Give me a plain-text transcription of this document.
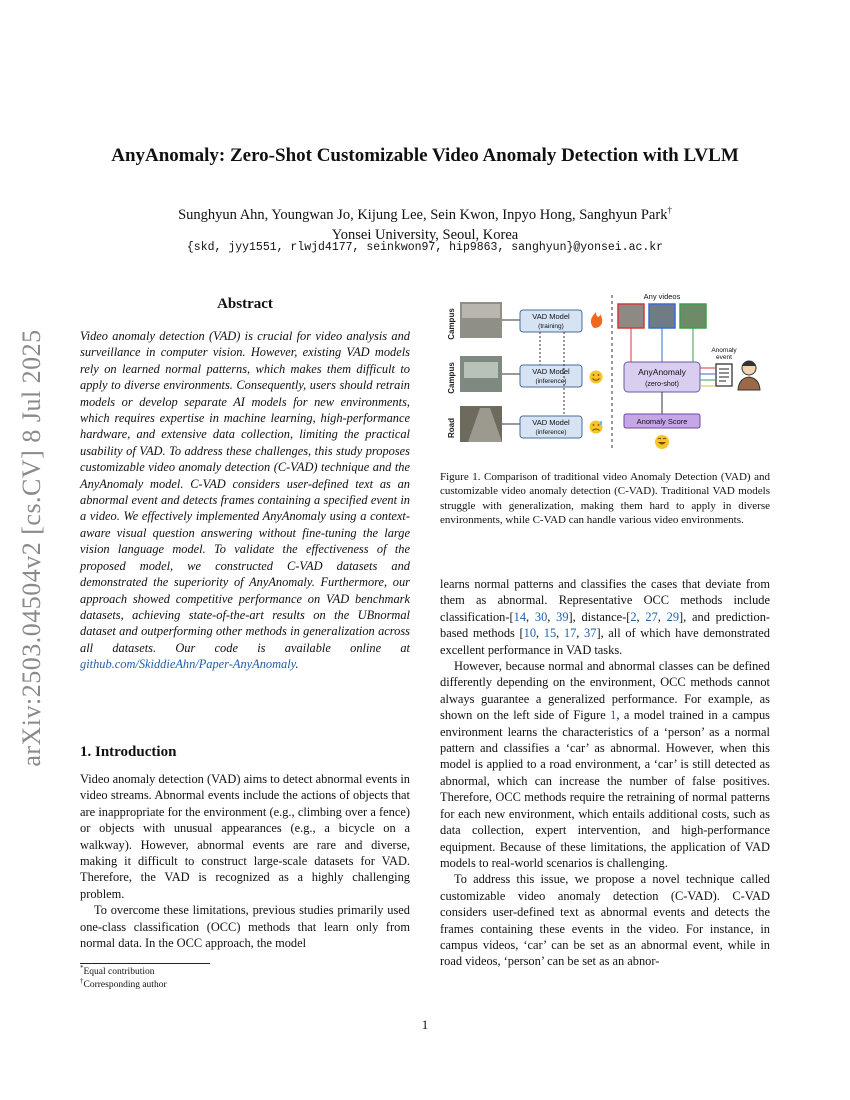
arXiv:2503.04504v2 [cs.CV] 8 Jul 2025
AnyAnomaly: Zero-Shot Customizable Video Anomaly Detection with LVLM
Sunghyun Ahn, Youngwan Jo, Kijung Lee, Sein Kwon, Inpyo Hong, Sanghyun Park†
Yonsei University, Seoul, Korea
{skd, jyy1551, rlwjd4177, seinkwon97, hip9863, sanghyun}@yonsei.ac.kr
Abstract
Video anomaly detection (VAD) is crucial for video analysis and surveillance in computer vision. However, existing VAD models rely on learned normal patterns, which makes them difficult to apply to diverse environments. Consequently, users should retrain models or develop separate AI models for new environments, which requires expertise in machine learning, high-performance hardware, and extensive data collection, limiting the practical usability of VAD. To address these challenges, this study proposes customizable video anomaly detection (C-VAD) technique and the AnyAnomaly model. C-VAD considers user-defined text as an abnormal event and detects frames containing a specified event in a video. We effectively implemented AnyAnomaly using a context-aware visual question answering without fine-tuning the large vision language model. To validate the effectiveness of the proposed model, we constructed C-VAD datasets and demonstrated the superiority of AnyAnomaly. Furthermore, our approach showed competitive performance on VAD benchmark datasets, achieving state-of-the-art results on the UBnormal dataset and outperforming other methods in generalization across all datasets. Our code is available online at github.com/SkiddieAhn/Paper-AnyAnomaly.
1. Introduction

Video anomaly detection (VAD) aims to detect abnormal events in video streams. Abnormal events include the actions of objects that are inappropriate for the environment (e.g., climbing over a fence) or objects with unusual appearances (e.g., a bicycle on a walkway). However, abnormal events are rare and diverse, making it difficult to construct large-scale datasets for VAD. Therefore, the VAD is recognized as a highly challenging problem.

To overcome these limitations, previous studies primarily used one-class classification (OCC) methods that learn only from normal data. In the OCC approach, the model

*Equal contribution
†Corresponding author
Campus
Campus
Road
VAD Model
(training)
VAD Model
(inference)
VAD Model
(inference)
Any videos
AnyAnomaly
(zero-shot)
Anomaly
event
Anomaly Score
Figure 1. Comparison of traditional video Anomaly Detection (VAD) and customizable video anomaly detection (C-VAD). Traditional VAD models struggle with generalization, making them hard to apply in diverse environments, while C-VAD can handle various video environments.

learns normal patterns and classifies the cases that deviate from them as abnormal. Representative OCC methods include classification-[14, 30, 39], distance-[2, 27, 29], and prediction-based methods [10, 15, 17, 37], all of which have demonstrated excellent performance in VAD tasks.

However, because normal and abnormal classes can be defined differently depending on the environment, OCC methods cannot always guarantee a generalized performance. For example, as shown on the left side of Figure 1, a model trained in a campus environment learns the characteristics of a ‘person’ as a normal pattern and classifies a ‘car’ as abnormal. However, when this model is applied to a road environment, a ‘car’ is still detected as abnormal, which can increase the number of false positives. Therefore, OCC methods require the retraining of normal patterns for each new environment, which entails additional costs, such as data collection, expert intervention, and high-performance equipment. Because of these limitations, the application of VAD models to real-world scenarios is challenging.

To address this issue, we propose a novel technique called customizable video anomaly detection (C-VAD). C-VAD considers user-defined text as abnormal events and detects the frames containing these events in the video. For instance, in campus videos, ‘car’ can be set as an abnormal event, while in road videos, ‘person’ can be set as an abnor-

1
